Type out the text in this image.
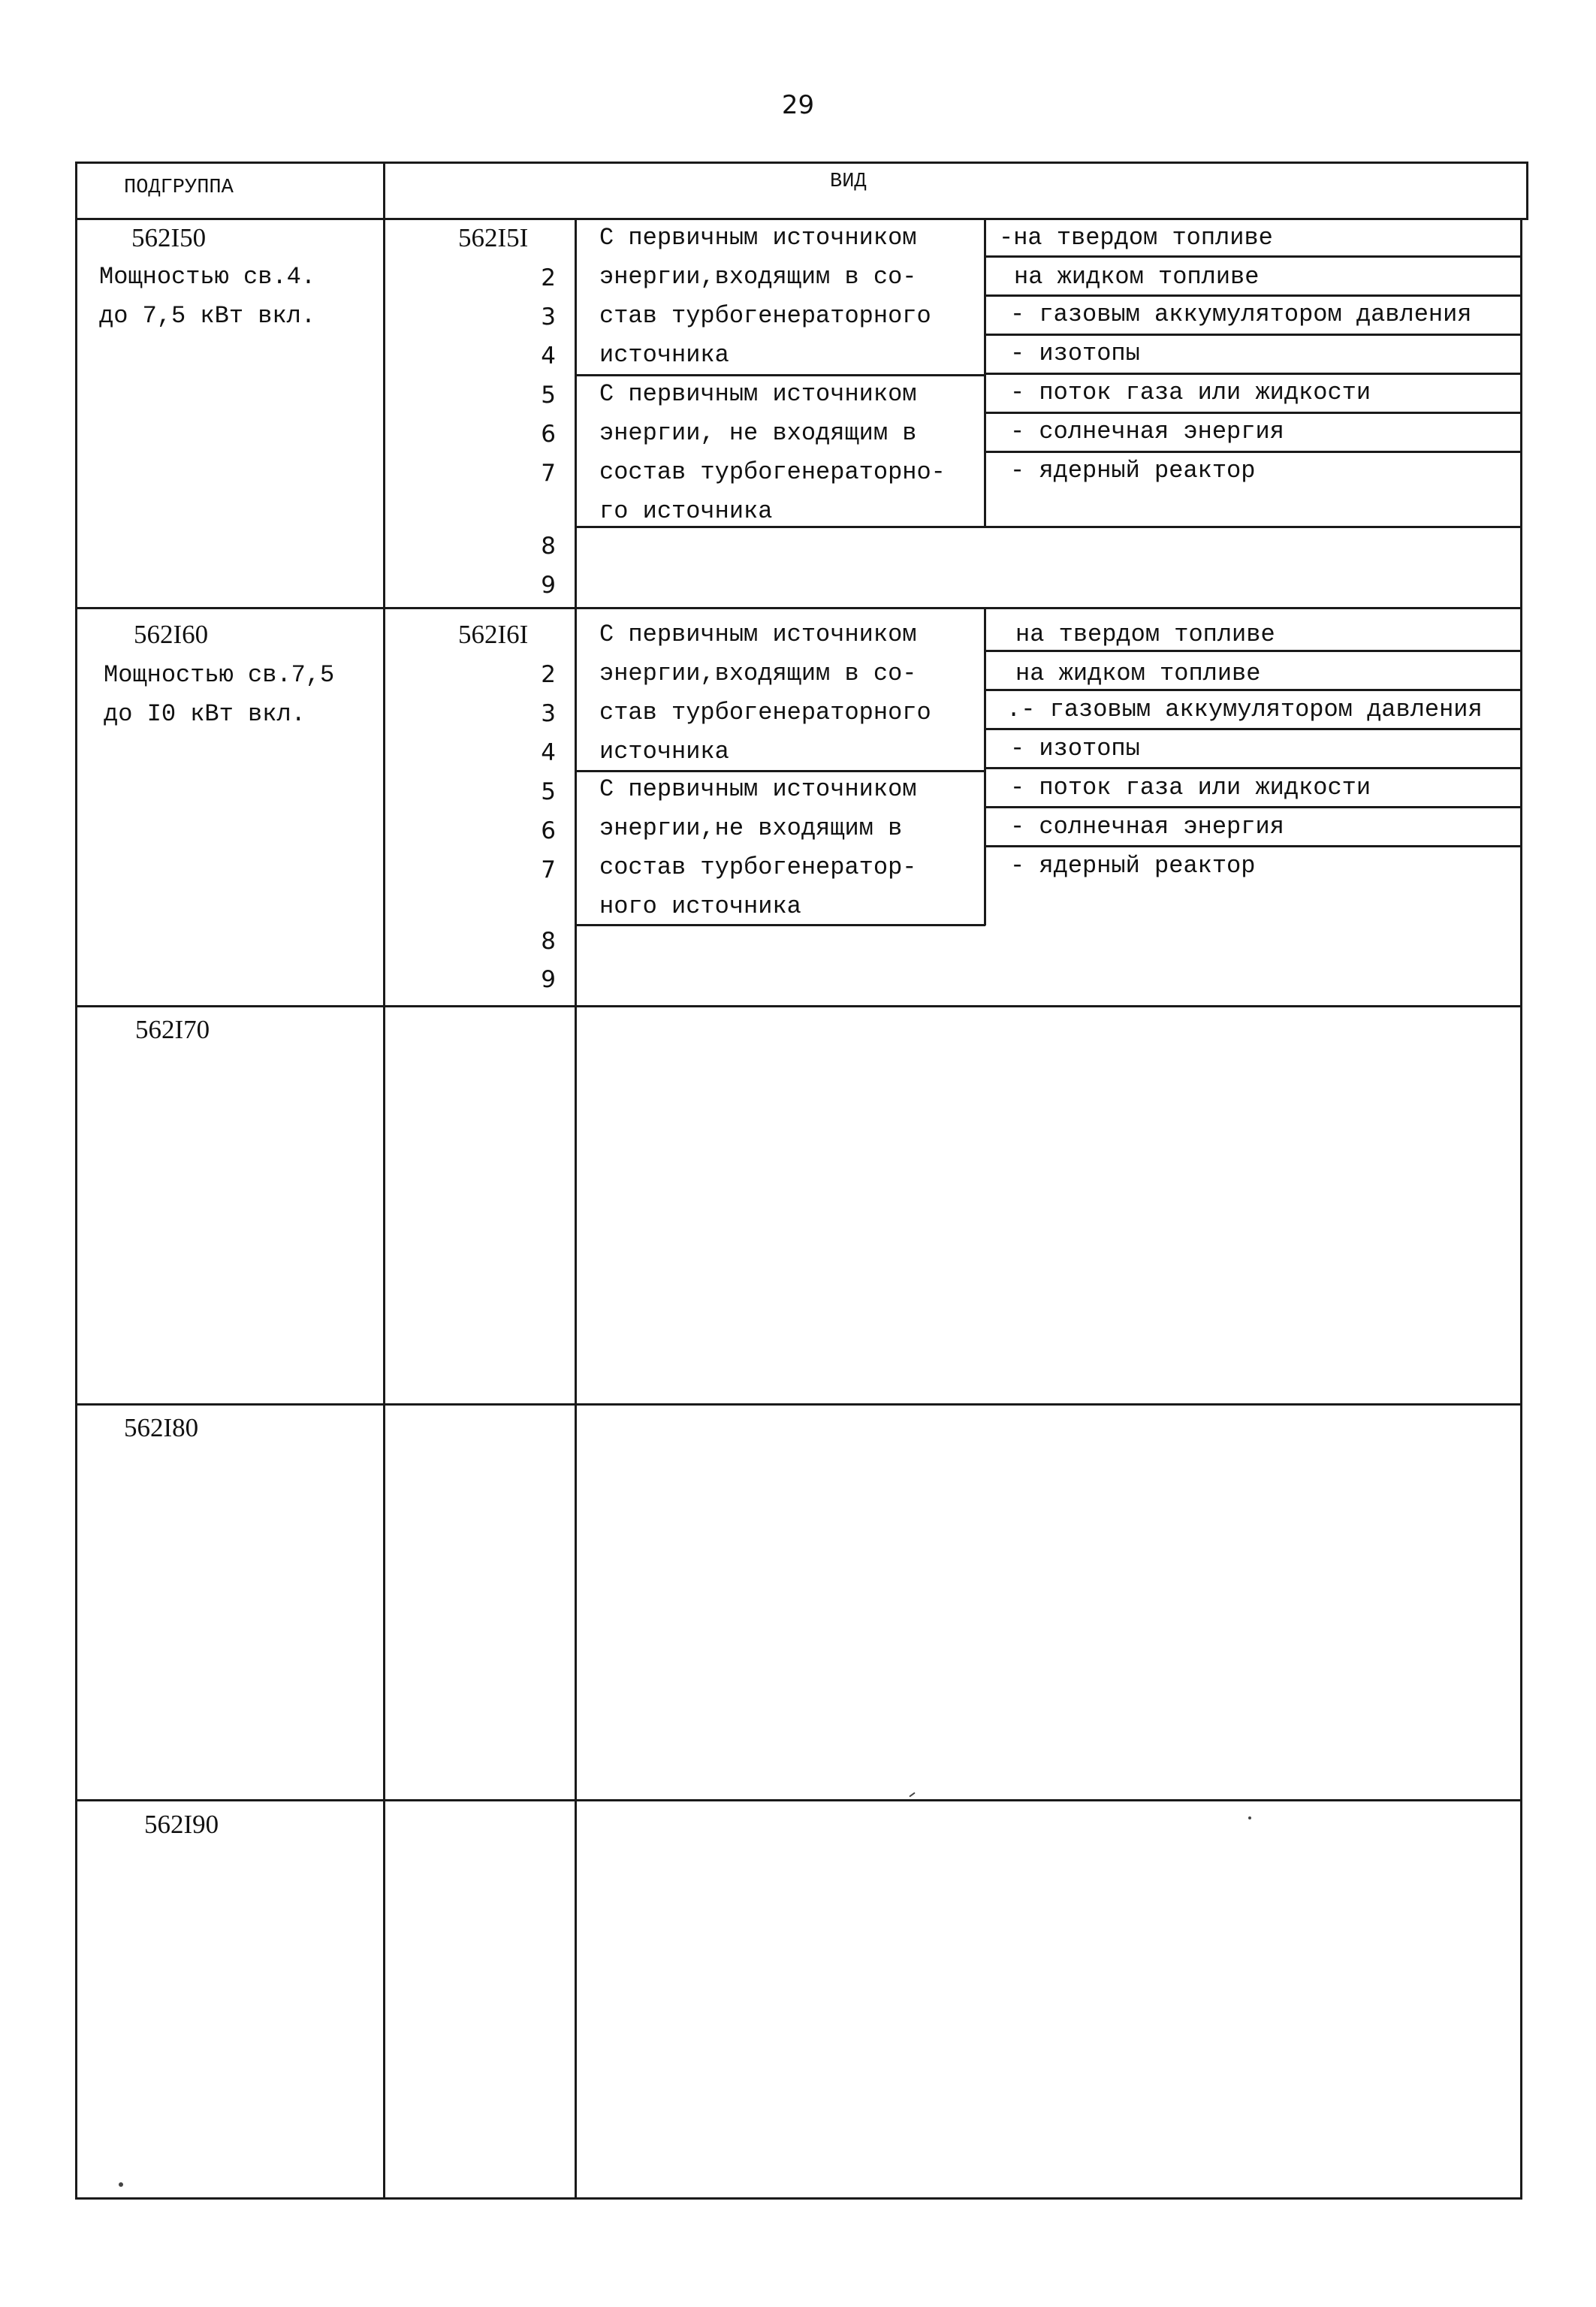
29
ПОДГРУППА	ВИД
562I50
Мощностью св.4.
до 7,5 кВт вкл.
562I5I
2
3
4
5
6
7
8
9
С первичным источником
энергии,входящим в со-
став турбогенераторного
источника
С первичным источником
энергии, не входящим в
состав турбогенераторно-
го источника
-на твердом топливе
на жидком топливе
- газовым аккумулятором давления
- изотопы
- поток газа или жидкости
- солнечная энергия
- ядерный реактор
562I60
Мощностью св.7,5
до I0 кВт вкл.
562I6I
2
3
4
5
6
7
8
9
С первичным источником
энергии,входящим в со-
став турбогенераторного
источника
С первичным источником
энергии,не входящим в
состав турбогенератор-
ного источника
на твердом топливе
на жидком топливе
.- газовым аккумулятором давления
- изотопы
- поток газа или жидкости
- солнечная энергия
- ядерный реактор
562I70
562I80
562I90
